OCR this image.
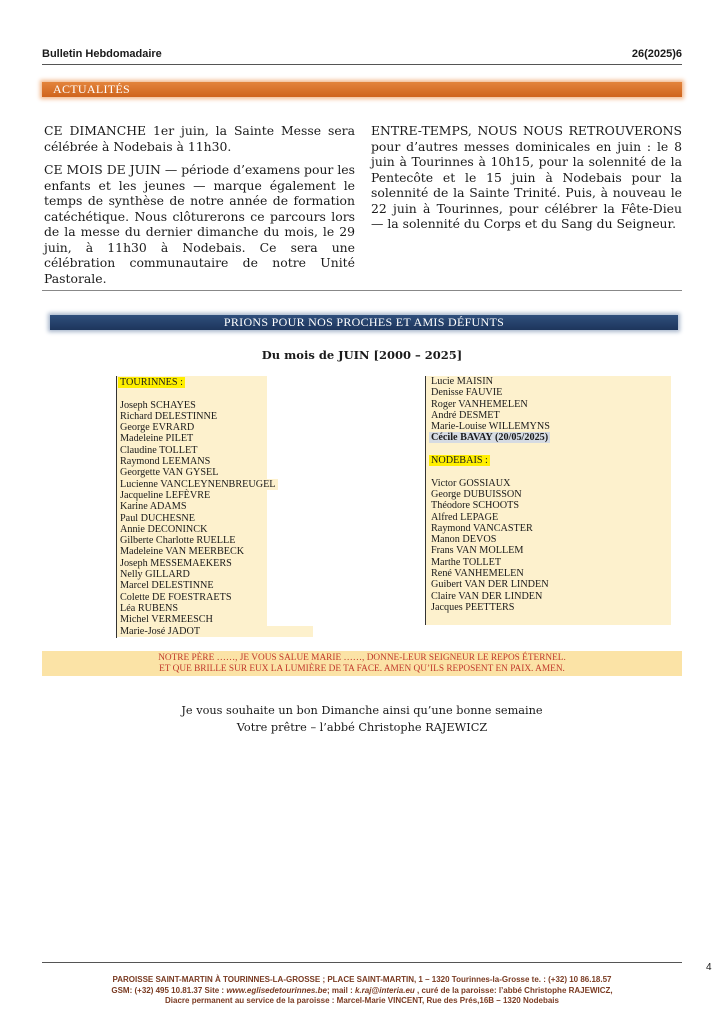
Bulletin Hebdomadaire	26(2025)6
ACTUALITÉS

CE DIMANCHE 1er juin, la Sainte Messe sera célébrée à Nodebais à 11h30.

CE MOIS DE JUIN — période d’examens pour les enfants et les jeunes — marque également le temps de synthèse de notre année de formation catéchétique. Nous clôturerons ce parcours lors de la messe du dernier dimanche du mois, le 29 juin, à 11h30 à Nodebais. Ce sera une célébration communautaire de notre Unité Pastorale.

ENTRE-TEMPS, NOUS NOUS RETROUVERONS pour d’autres messes dominicales en juin : le 8 juin à Tourinnes à 10h15, pour la solennité de la Pentecôte et le 15 juin à Nodebais pour la solennité de la Sainte Trinité. Puis, à nouveau le 22 juin à Tourinnes, pour célébrer la Fête-Dieu — la solennité du Corps et du Sang du Seigneur.

PRIONS POUR NOS PROCHES ET AMIS DÉFUNTS
Du mois de JUIN [2000 – 2025]
TOURINNES :
Joseph SCHAYES
Richard DELESTINNE
George EVRARD
Madeleine PILET
Claudine TOLLET
Raymond LEEMANS
Georgette VAN GYSEL
Lucienne VANCLEYNENBREUGEL
Jacqueline LEFÈVRE
Karine ADAMS
Paul DUCHESNE
Annie DECONINCK
Gilberte Charlotte RUELLE
Madeleine VAN MEERBECK
Joseph MESSEMAEKERS
Nelly GILLARD
Marcel DELESTINNE
Colette DE FOESTRAETS
Léa RUBENS
Michel VERMEESCH
Marie-José JADOT
Lucie MAISIN
Denisse FAUVIE
Roger VANHEMELEN
André DESMET
Marie-Louise WILLEMYNS
Cécile BAVAY (20/05/2025)
NODEBAIS :
Victor GOSSIAUX
George DUBUISSON
Théodore SCHOOTS
Alfred LEPAGE
Raymond VANCASTER
Manon DEVOS
Frans VAN MOLLEM
Marthe TOLLET
René VANHEMELEN
Guibert VAN DER LINDEN
Claire VAN DER LINDEN
Jacques PEETTERS
NOTRE PÈRE ……, JE VOUS SALUE MARIE ……, DONNE-LEUR SEIGNEUR LE REPOS ÉTERNEL.
ET QUE BRILLE SUR EUX LA LUMIÈRE DE TA FACE. AMEN QU’ILS REPOSENT EN PAIX. AMEN.
Je vous souhaite un bon Dimanche ainsi qu’une bonne semaine
Votre prêtre – l’abbé Christophe RAJEWICZ
4
PAROISSE SAINT-MARTIN À TOURINNES-LA-GROSSE ; PLACE SAINT-MARTIN, 1 – 1320 Tourinnes-la-Grosse te. : (+32) 10 86.18.57
GSM: (+32) 495 10.81.37 Site : www.eglisedetourinnes.be; mail : k.raj@interia.eu , curé de la paroisse: l’abbé Christophe RAJEWICZ,
Diacre permanent au service de la paroisse : Marcel-Marie VINCENT, Rue des Prés,16B – 1320 Nodebais
